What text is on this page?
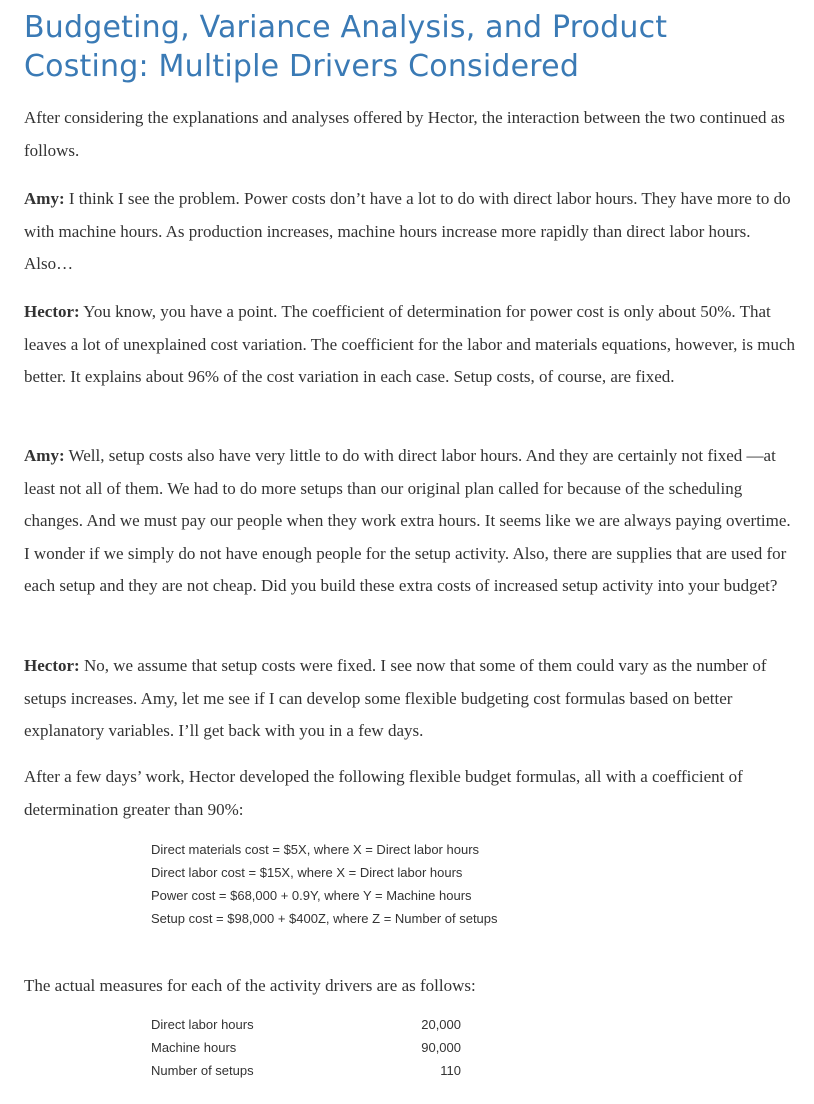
Budgeting, Variance Analysis, and Product Costing: Multiple Drivers Considered

After considering the explanations and analyses offered by Hector, the interaction between the two continued as follows.

Amy: I think I see the problem. Power costs don’t have a lot to do with direct labor hours. They have more to do with machine hours. As production increases, machine hours increase more rapidly than direct labor hours. Also…

Hector: You know, you have a point. The coefficient of determination for power cost is only about 50%. That leaves a lot of unexplained cost variation. The coefficient for the labor and materials equations, however, is much better. It explains about 96% of the cost variation in each case. Setup costs, of course, are fixed.

Amy: Well, setup costs also have very little to do with direct labor hours. And they are certainly not fixed —at least not all of them. We had to do more setups than our original plan called for because of the scheduling changes. And we must pay our people when they work extra hours. It seems like we are always paying overtime. I wonder if we simply do not have enough people for the setup activity. Also, there are supplies that are used for each setup and they are not cheap. Did you build these extra costs of increased setup activity into your budget?

Hector: No, we assume that setup costs were fixed. I see now that some of them could vary as the number of setups increases. Amy, let me see if I can develop some flexible budgeting cost formulas based on better explanatory variables. I’ll get back with you in a few days.

After a few days’ work, Hector developed the following flexible budget formulas, all with a coefficient of determination greater than 90%:

The actual measures for each of the activity drivers are as follows:

Direct materials cost = $5X, where X = Direct labor hours
Direct labor cost = $15X, where X = Direct labor hours
Power cost = $68,000 + 0.9Y, where Y = Machine hours
Setup cost = $98,000 + $400Z, where Z = Number of setups
Direct labor hours	20,000
Machine hours	90,000
Number of setups	110
